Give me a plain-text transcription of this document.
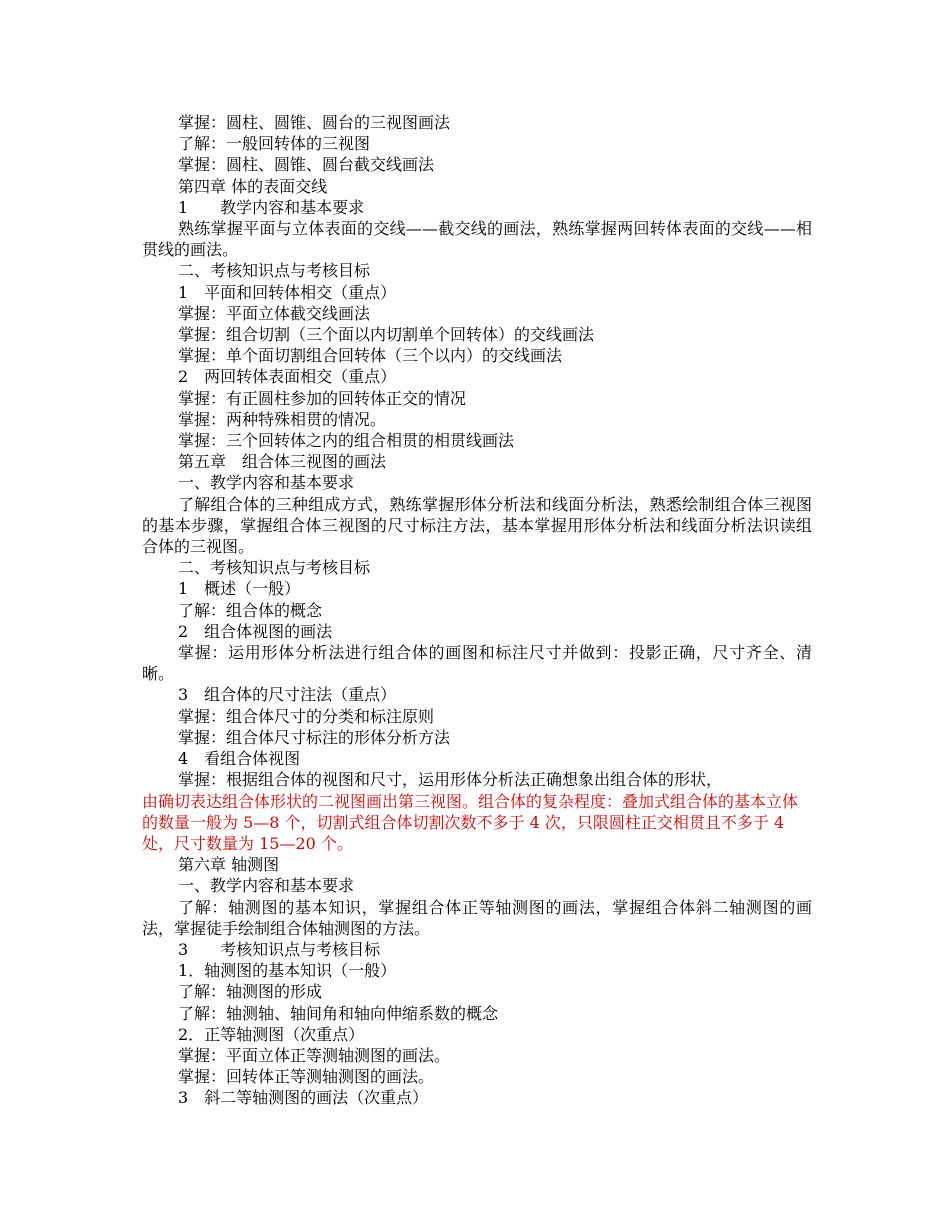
掌握：圆柱、圆锥、圆台的三视图画法

了解：一般回转体的三视图

掌握：圆柱、圆锥、圆台截交线画法

第四章 体的表面交线

1　　教学内容和基本要求

熟练掌握平面与立体表面的交线——截交线的画法，熟练掌握两回转体表面的交线——相贯线的画法。

二、考核知识点与考核目标

1　平面和回转体相交（重点）

掌握：平面立体截交线画法

掌握：组合切割（三个面以内切割单个回转体）的交线画法

掌握：单个面切割组合回转体（三个以内）的交线画法

2　两回转体表面相交（重点）

掌握：有正圆柱参加的回转体正交的情况

掌握：两种特殊相贯的情况。

掌握：三个回转体之内的组合相贯的相贯线画法

第五章　组合体三视图的画法

一、教学内容和基本要求

了解组合体的三种组成方式，熟练掌握形体分析法和线面分析法，熟悉绘制组合体三视图的基本步骤，掌握组合体三视图的尺寸标注方法，基本掌握用形体分析法和线面分析法识读组合体的三视图。

二、考核知识点与考核目标

1　概述（一般）

了解：组合体的概念

2　组合体视图的画法

掌握：运用形体分析法进行组合体的画图和标注尺寸并做到：投影正确，尺寸齐全、清晰。

3　组合体的尺寸注法（重点）

掌握：组合体尺寸的分类和标注原则

掌握：组合体尺寸标注的形体分析方法

4　看组合体视图

掌握：根据组合体的视图和尺寸，运用形体分析法正确想象出组合体的形状，

由确切表达组合体形状的二视图画出第三视图。组合体的复杂程度：叠加式组合体的基本立体的数量一般为 5—8 个，切割式组合体切割次数不多于 4 次，只限圆柱正交相贯且不多于 4 处，尺寸数量为 15—20 个。

第六章 轴测图

一、教学内容和基本要求

了解：轴测图的基本知识，掌握组合体正等轴测图的画法，掌握组合体斜二轴测图的画法，掌握徒手绘制组合体轴测图的方法。

3　　考核知识点与考核目标

1．轴测图的基本知识（一般）

了解：轴测图的形成

了解：轴测轴、轴间角和轴向伸缩系数的概念

2．正等轴测图（次重点）

掌握：平面立体正等测轴测图的画法。

掌握：回转体正等测轴测图的画法。

3　斜二等轴测图的画法（次重点）
